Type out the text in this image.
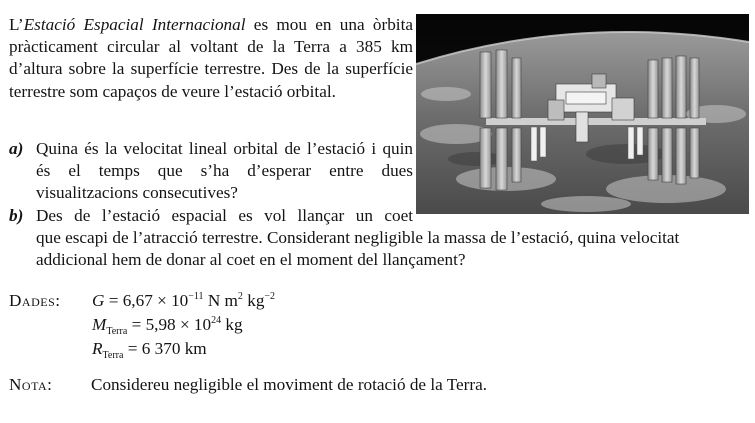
L’Estació Espacial Internacional es mou en una òrbita pràcticament circular al voltant de la Terra a 385 km d’altura sobre la superfície terrestre. Des de la superfície terrestre som capaços de veure l’estació orbital.

a) Quina és la velocitat lineal orbital de l’estació i quin és el temps que s’ha d’esperar entre dues visualitzacions consecutives?
b) Des de l’estació espacial es vol llançar un coet
que escapi de l’atracció terrestre. Considerant negligible la massa de l’estació, quina velocitat addicional hem de donar al coet en el moment del llançament?
Dades: $G = 6,67 \times 10^{-11}$ N $m^2$ $kg^{-2}$
$M_{Terra} = 5,98 \times 10^{24}$ kg
$R_{Terra} = 6$ 370 km
Nota: Considereu negligible el moviment de rotació de la Terra.
